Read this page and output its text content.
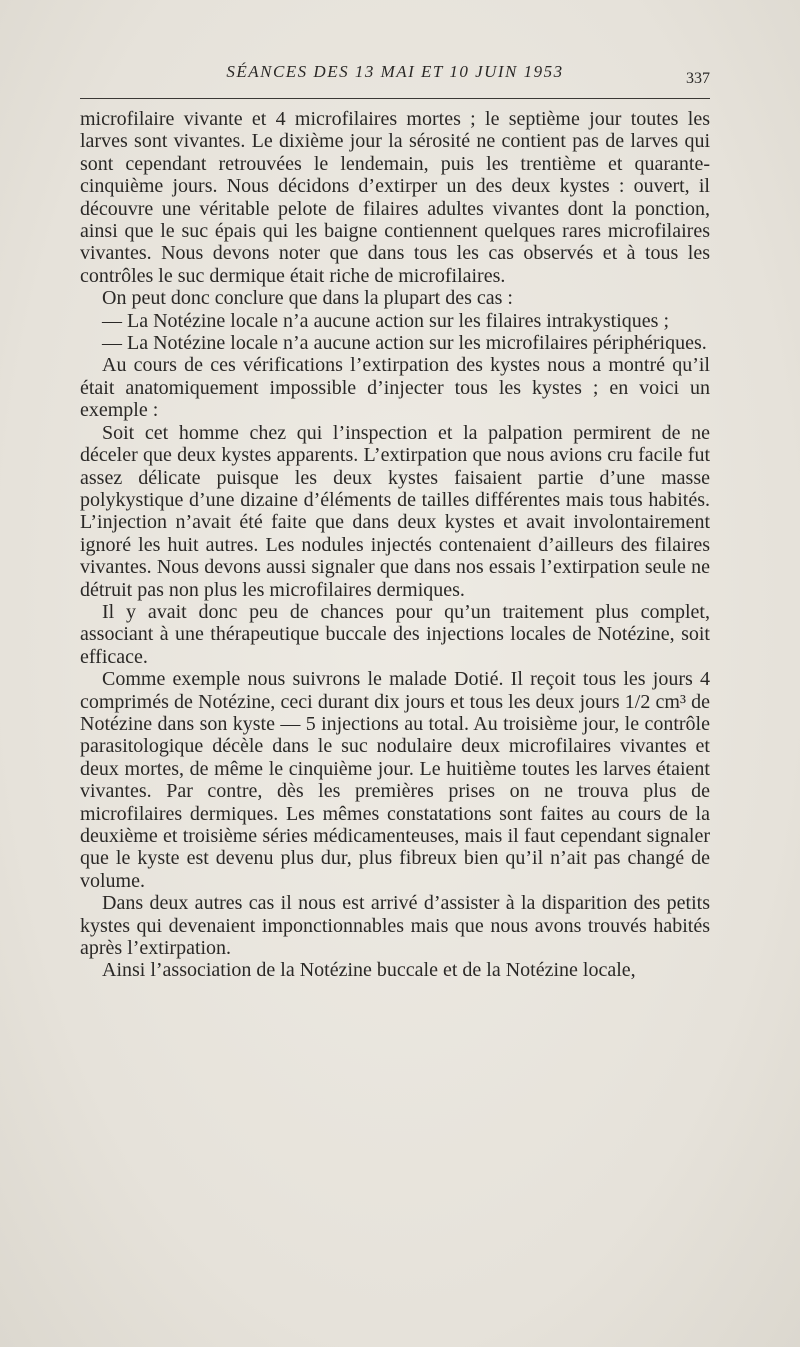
SÉANCES DES 13 MAI ET 10 JUIN 1953	337

microfilaire vivante et 4 microfilaires mortes ; le septième jour toutes les larves sont vivantes. Le dixième jour la sérosité ne contient pas de larves qui sont cependant retrouvées le lendemain, puis les trentième et quarante-cinquième jours. Nous décidons d’extirper un des deux kystes : ouvert, il découvre une véritable pelote de filaires adultes vivantes dont la ponction, ainsi que le suc épais qui les baigne contiennent quelques rares microfilaires vivantes. Nous devons noter que dans tous les cas observés et à tous les contrôles le suc dermique était riche de microfilaires.

On peut donc conclure que dans la plupart des cas :

— La Notézine locale n’a aucune action sur les filaires intrakystiques ;

— La Notézine locale n’a aucune action sur les microfilaires périphériques.

Au cours de ces vérifications l’extirpation des kystes nous a montré qu’il était anatomiquement impossible d’injecter tous les kystes ; en voici un exemple :

Soit cet homme chez qui l’inspection et la palpation permirent de ne déceler que deux kystes apparents. L’extirpation que nous avions cru facile fut assez délicate puisque les deux kystes faisaient partie d’une masse polykystique d’une dizaine d’éléments de tailles différentes mais tous habités. L’injection n’avait été faite que dans deux kystes et avait involontairement ignoré les huit autres. Les nodules injectés contenaient d’ailleurs des filaires vivantes. Nous devons aussi signaler que dans nos essais l’extirpation seule ne détruit pas non plus les microfilaires dermiques.

Il y avait donc peu de chances pour qu’un traitement plus complet, associant à une thérapeutique buccale des injections locales de Notézine, soit efficace.

Comme exemple nous suivrons le malade Dotié. Il reçoit tous les jours 4 comprimés de Notézine, ceci durant dix jours et tous les deux jours 1/2 cm³ de Notézine dans son kyste — 5 injections au total. Au troisième jour, le contrôle parasitologique décèle dans le suc nodulaire deux microfilaires vivantes et deux mortes, de même le cinquième jour. Le huitième toutes les larves étaient vivantes. Par contre, dès les premières prises on ne trouva plus de microfilaires dermiques. Les mêmes constatations sont faites au cours de la deuxième et troisième séries médicamenteuses, mais il faut cependant signaler que le kyste est devenu plus dur, plus fibreux bien qu’il n’ait pas changé de volume.

Dans deux autres cas il nous est arrivé d’assister à la disparition des petits kystes qui devenaient imponctionnables mais que nous avons trouvés habités après l’extirpation.

Ainsi l’association de la Notézine buccale et de la Notézine locale,
